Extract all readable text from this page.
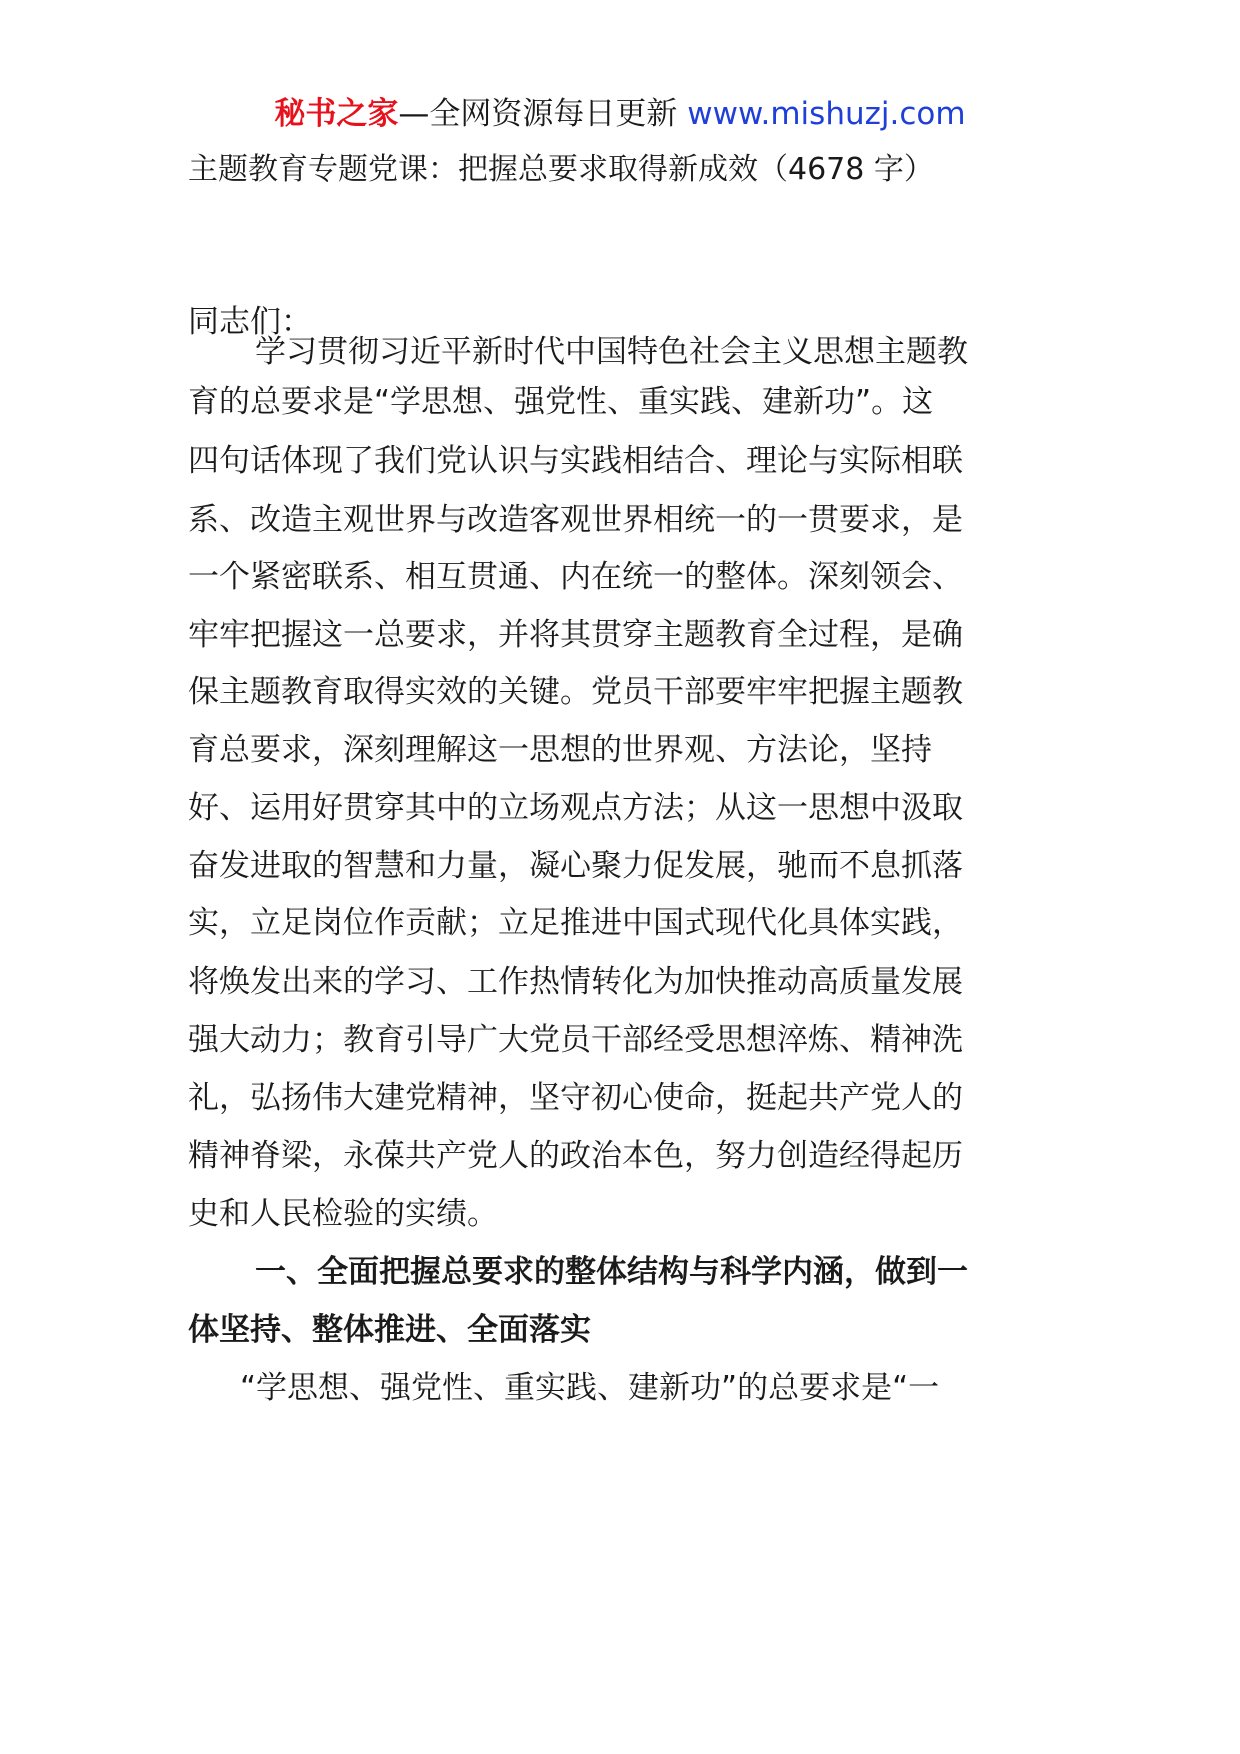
秘书之家—全网资源每日更新 www.mishuzj.com
主题教育专题党课：把握总要求取得新成效（4678 字）
同志们：
学习贯彻习近平新时代中国特色社会主义思想主题教
育的总要求是“学思想、强党性、重实践、建新功”。这
四句话体现了我们党认识与实践相结合、理论与实际相联
系、改造主观世界与改造客观世界相统一的一贯要求，是
一个紧密联系、相互贯通、内在统一的整体。深刻领会、
牢牢把握这一总要求，并将其贯穿主题教育全过程，是确
保主题教育取得实效的关键。党员干部要牢牢把握主题教
育总要求，深刻理解这一思想的世界观、方法论，坚持
好、运用好贯穿其中的立场观点方法；从这一思想中汲取
奋发进取的智慧和力量，凝心聚力促发展，驰而不息抓落
实，立足岗位作贡献；立足推进中国式现代化具体实践，
将焕发出来的学习、工作热情转化为加快推动高质量发展
强大动力；教育引导广大党员干部经受思想淬炼、精神洗
礼，弘扬伟大建党精神，坚守初心使命，挺起共产党人的
精神脊梁，永葆共产党人的政治本色，努力创造经得起历
史和人民检验的实绩。
一、全面把握总要求的整体结构与科学内涵，做到一
体坚持、整体推进、全面落实
“学思想、强党性、重实践、建新功”的总要求是“一
